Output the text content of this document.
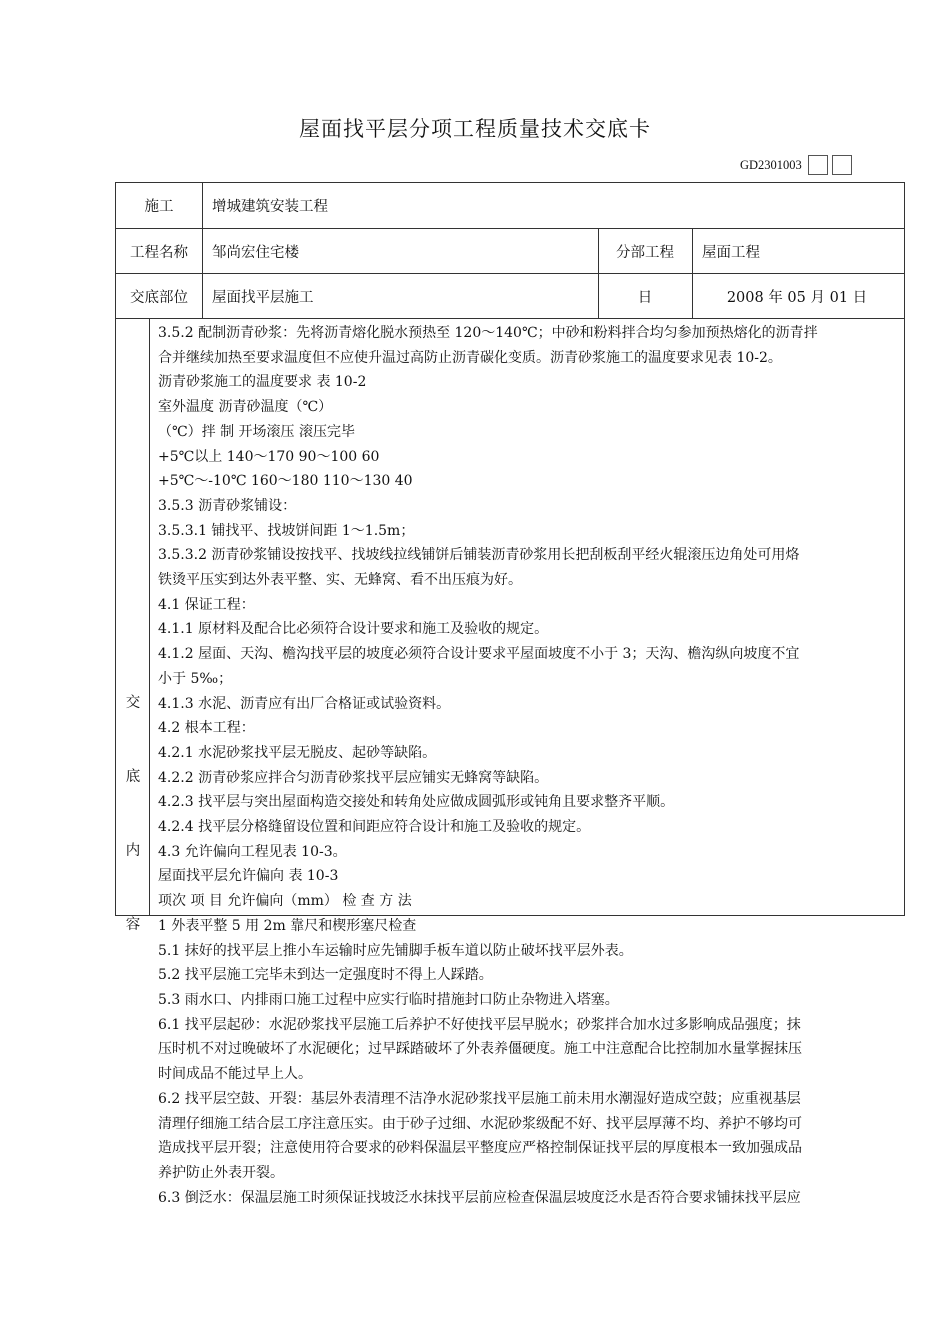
屋面找平层分项工程质量技术交底卡
GD2301003
施工	增城建筑安装工程
工程名称	邹尚宏住宅楼	分部工程	屋面工程
交底部位	屋面找平层施工	日	2008 年 05 月 01 日
交
底
内
容

3.5.2 配制沥青砂浆：先将沥青熔化脱水预热至 120～140℃；中砂和粉料拌合均匀参加预热熔化的沥青拌

合并继续加热至要求温度但不应使升温过高防止沥青碳化变质。沥青砂浆施工的温度要求见表 10-2。

沥青砂浆施工的温度要求 表 10-2

室外温度 沥青砂温度（℃）

（℃）拌 制 开场滚压 滚压完毕

+5℃以上 140～170 90～100 60

+5℃～-10℃ 160～180 110～130 40

3.5.3 沥青砂浆铺设：

3.5.3.1 铺找平、找坡饼间距 1～1.5m；

3.5.3.2 沥青砂浆铺设按找平、找坡线拉线铺饼后铺装沥青砂浆用长把刮板刮平经火辊滚压边角处可用烙

铁烫平压实到达外表平整、实、无蜂窝、看不出压痕为好。

4.1 保证工程：

4.1.1 原材料及配合比必须符合设计要求和施工及验收的规定。

4.1.2 屋面、天沟、檐沟找平层的坡度必须符合设计要求平屋面坡度不小于 3；天沟、檐沟纵向坡度不宜

小于 5‰；

4.1.3 水泥、沥青应有出厂合格证或试验资料。

4.2 根本工程：

4.2.1 水泥砂浆找平层无脱皮、起砂等缺陷。

4.2.2 沥青砂浆应拌合匀沥青砂浆找平层应铺实无蜂窝等缺陷。

4.2.3 找平层与突出屋面构造交接处和转角处应做成圆弧形或钝角且要求整齐平顺。

4.2.4 找平层分格缝留设位置和间距应符合设计和施工及验收的规定。

4.3 允许偏向工程见表 10-3。

屋面找平层允许偏向 表 10-3

项次 项 目 允许偏向（mm） 检 查 方 法

1 外表平整 5 用 2m 靠尺和楔形塞尺检查

5.1 抹好的找平层上推小车运输时应先铺脚手板车道以防止破坏找平层外表。

5.2 找平层施工完毕未到达一定强度时不得上人踩踏。

5.3 雨水口、内排雨口施工过程中应实行临时措施封口防止杂物进入塔塞。

6.1 找平层起砂：水泥砂浆找平层施工后养护不好使找平层早脱水；砂浆拌合加水过多影响成品强度；抹

压时机不对过晚破坏了水泥硬化；过早踩踏破坏了外表养僵硬度。施工中注意配合比控制加水量掌握抹压

时间成品不能过早上人。

6.2 找平层空鼓、开裂：基层外表清理不洁净水泥砂浆找平层施工前未用水潮湿好造成空鼓；应重视基层

清理仔细施工结合层工序注意压实。由于砂子过细、水泥砂浆级配不好、找平层厚薄不均、养护不够均可

造成找平层开裂；注意使用符合要求的砂料保温层平整度应严格控制保证找平层的厚度根本一致加强成品

养护防止外表开裂。

6.3 倒泛水：保温层施工时须保证找坡泛水抹找平层前应检查保温层坡度泛水是否符合要求铺抹找平层应
